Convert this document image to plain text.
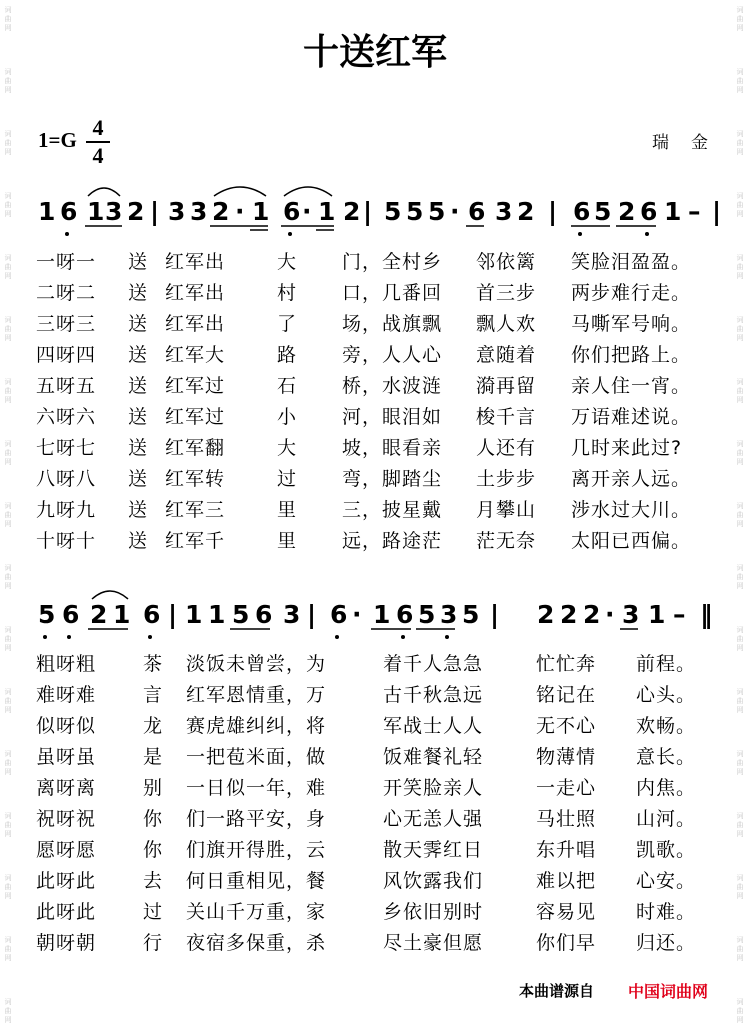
词曲网
词曲网
词曲网
词曲网
词曲网
词曲网
词曲网
词曲网
词曲网
词曲网
词曲网
词曲网
词曲网
词曲网
词曲网
词曲网
词曲网
词曲网
词曲网
词曲网
词曲网
词曲网
词曲网
词曲网
词曲网
词曲网
词曲网
词曲网
词曲网
词曲网
词曲网
词曲网
词曲网
词曲网
十送红军
1=G 4
4	瑞金
1 6 1 3 2 | 3 3 2 · 1 6 · 1 2 | 5 5 5 · 6 3 2 | 6 5 2 6 1 – |
一呀一 送 红军出	大 门，全村乡 邻依篱 笑脸泪盈盈。
二呀二 送 红军出	村 口，几番回 首三步 两步难行走。
三呀三 送 红军出	了 场，战旗飘 飘人欢 马嘶军号响。
四呀四 送 红军大	路 旁，人人心 意随着 你们把路上。
五呀五 送 红军过	石 桥，水波涟 漪再留 亲人住一宵。
六呀六 送 红军过	小 河，眼泪如 梭千言 万语难述说。
七呀七 送 红军翻	大 坡，眼看亲 人还有 几时来此过?
八呀八 送 红军转	过 弯，脚踏尘 土步步 离开亲人远。
九呀九 送 红军三	里 三，披星戴 月攀山 涉水过大川。
十呀十 送 红军千	里 远，路途茫 茫无奈 太阳已西偏。
5 6 2 1 6 | 1 1 5 6 3 | 6 · 1 6 5 3 5 | 2 2 2 · 3 1 – ‖
粗呀粗 茶 淡饭未曾尝，为	着千人急急	忙忙奔 前程。
难呀难 言 红军恩情重，万	古千秋急远	铭记在 心头。
似呀似 龙 赛虎雄纠纠，将	军战士人人	无不心 欢畅。
虽呀虽 是 一把苞米面，做	饭难餐礼轻	物薄情 意长。
离呀离 别 一日似一年，难	开笑脸亲人	一走心 内焦。
祝呀祝 你 们一路平安，身	心无恙人强	马壮照 山河。
愿呀愿 你 们旗开得胜，云	散天霁红日	东升唱 凯歌。
此呀此 去 何日重相见，餐	风饮露我们	难以把 心安。
此呀此 过 关山千万重，家	乡依旧别时	容易见 时难。
朝呀朝 行 夜宿多保重，杀	尽土豪但愿	你们早 归还。
本曲谱源自 中国词曲网
